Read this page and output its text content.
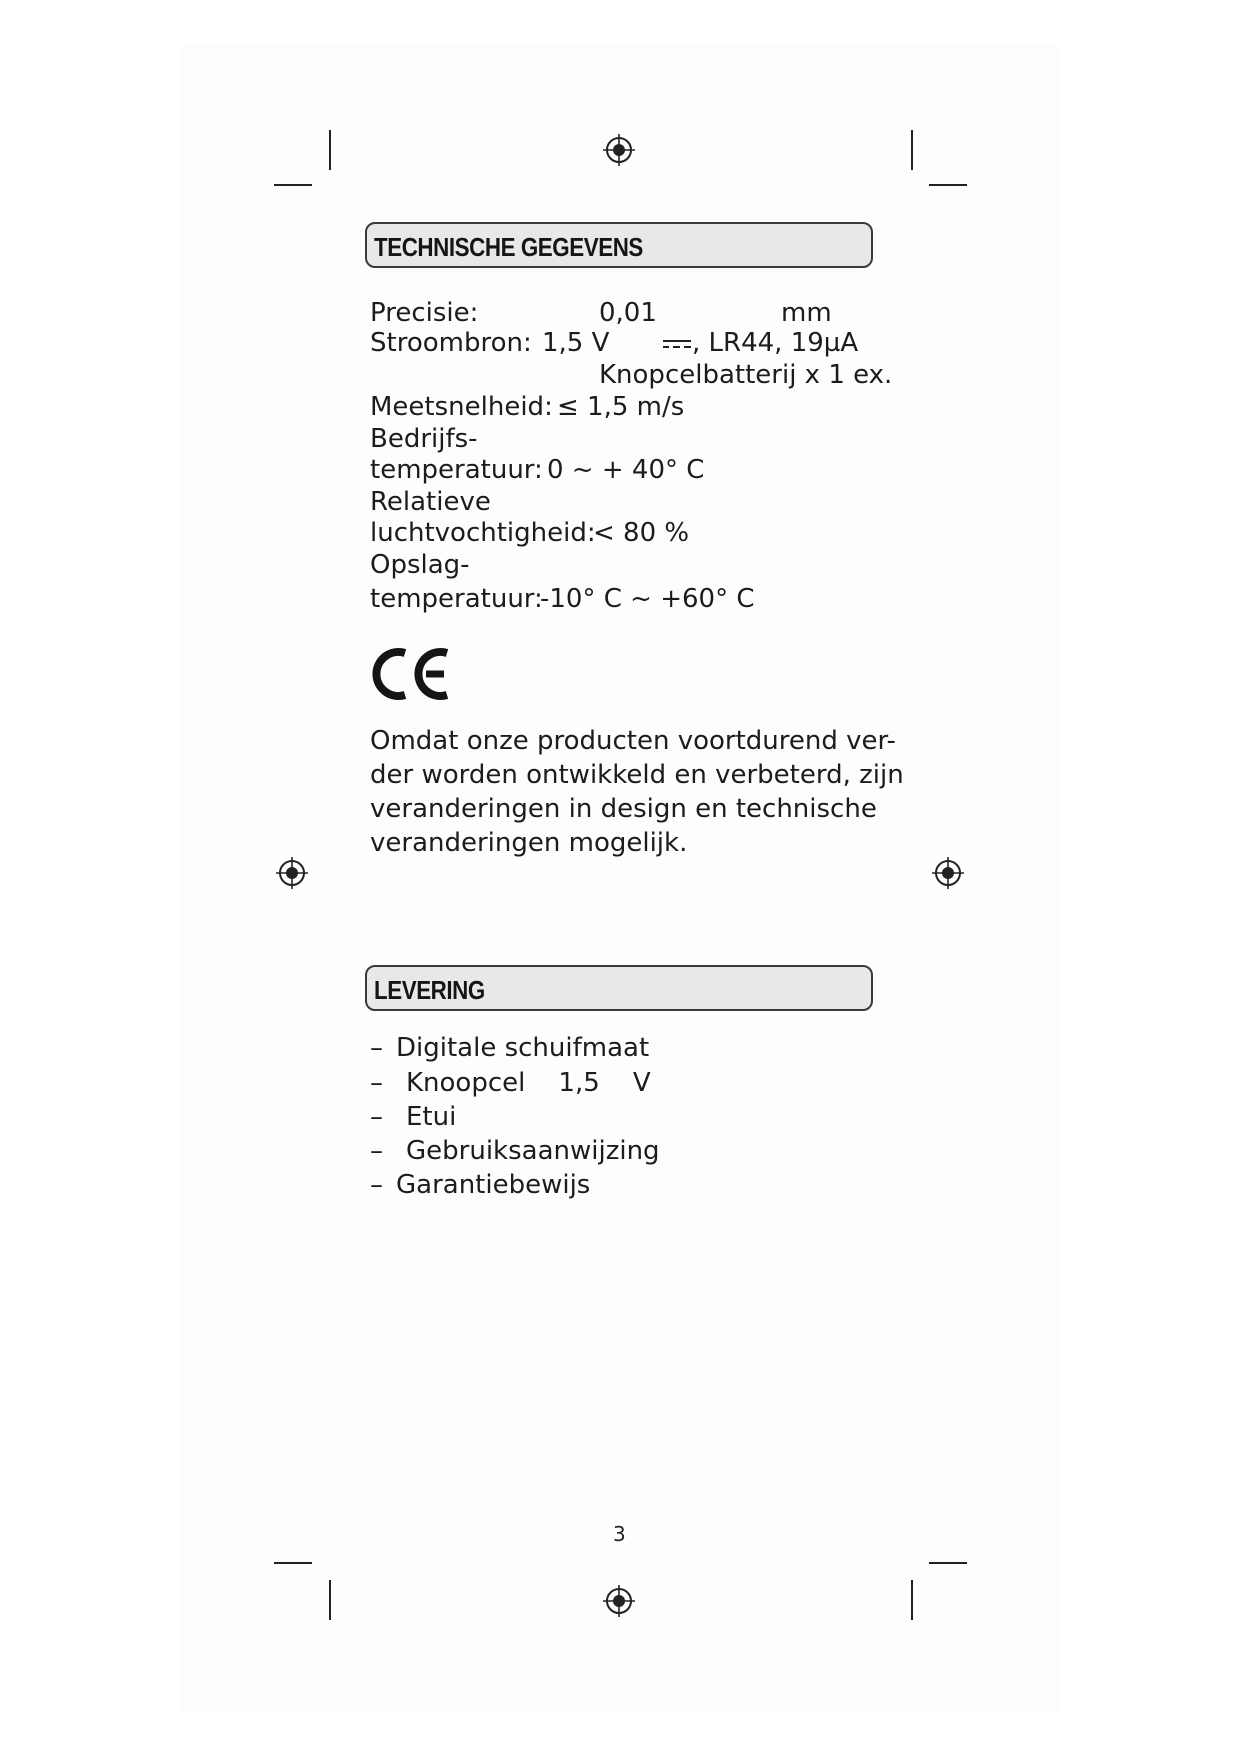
TECHNISCHE GEGEVENS
Precisie:	0,01	mm
Stroombron: 1,5 V	, LR44, 19µA
Knopcelbatterij x 1 ex.
Meetsnelheid: ≤ 1,5 m/s
Bedrijfs-
temperatuur: 0 ~ + 40° C
Relatieve
luchtvochtigheid:
< 80 %
Opslag-
temperatuur:
-10° C ~ +60° C
Omdat onze producten voortdurend ver-
der worden ontwikkeld en verbeterd, zijn
veranderingen in design en technische
veranderingen mogelijk.
LEVERING
– Digitale schuifmaat
– Knoopcel    1,5    V
– Etui
– Gebruiksaanwijzing
– Garantiebewijs
3
